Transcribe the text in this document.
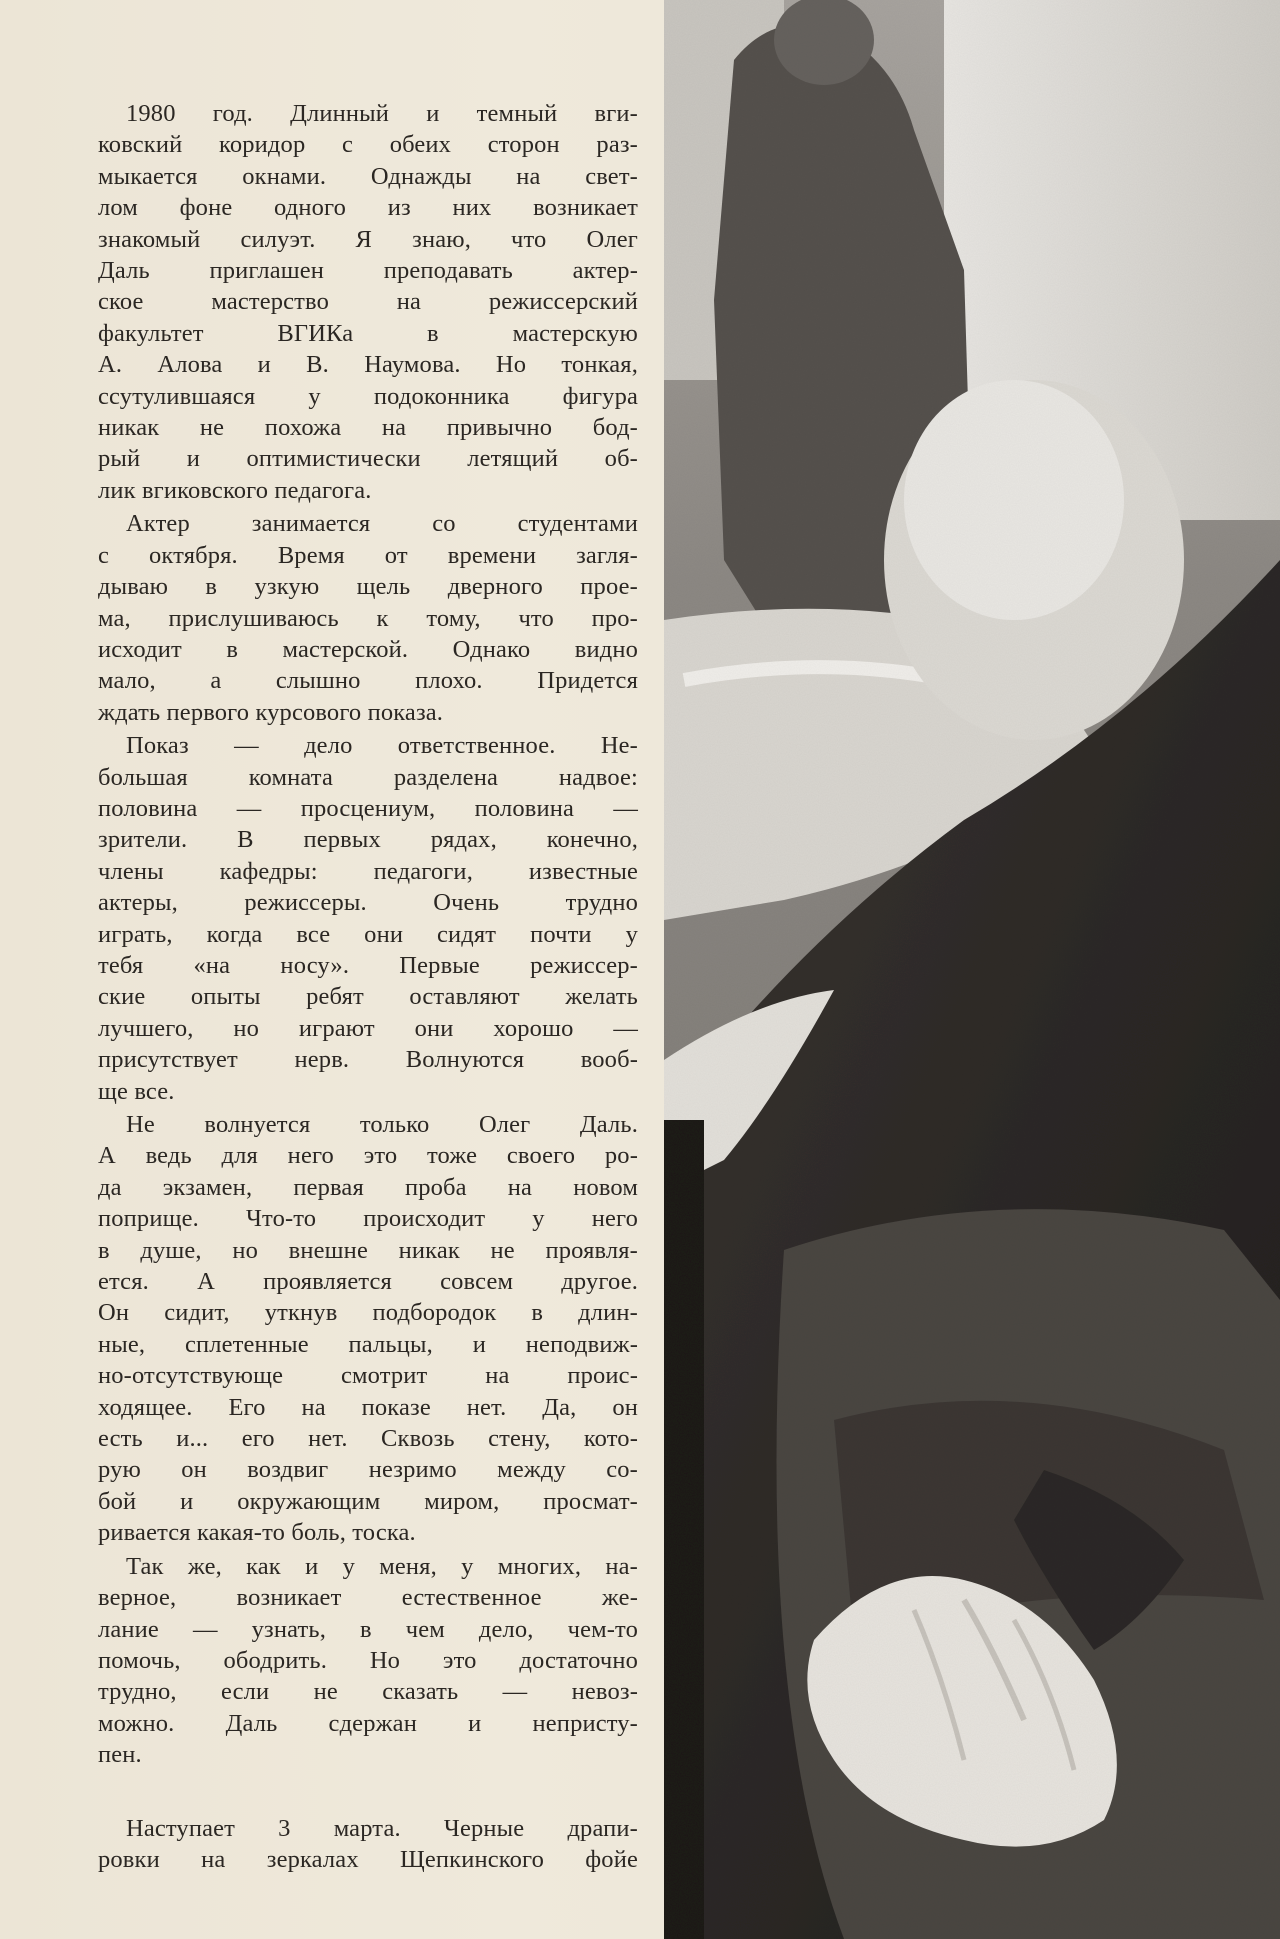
1980 год. Длинный и темный вги-
ковский коридор с обеих сторон раз-
мыкается окнами. Однажды на свет-
лом фоне одного из них возникает
знакомый силуэт. Я знаю, что Олег
Даль приглашен преподавать актер-
ское мастерство на режиссерский
факультет ВГИКа в мастерскую
А. Алова и В. Наумова. Но тонкая,
ссутулившаяся у подоконника фигура
никак не похожа на привычно бод-
рый и оптимистически летящий об-
лик вгиковского педагога.
Актер занимается со студентами
с октября. Время от времени загля-
дываю в узкую щель дверного прое-
ма, прислушиваюсь к тому, что про-
исходит в мастерской. Однако видно
мало, а слышно плохо. Придется
ждать первого курсового показа.
Показ — дело ответственное. Не-
большая комната разделена надвое:
половина — просцениум, половина —
зрители. В первых рядах, конечно,
члены кафедры: педагоги, известные
актеры, режиссеры. Очень трудно
играть, когда все они сидят почти у
тебя «на носу». Первые режиссер-
ские опыты ребят оставляют желать
лучшего, но играют они хорошо —
присутствует нерв. Волнуются вооб-
ще все.
Не волнуется только Олег Даль.
А ведь для него это тоже своего ро-
да экзамен, первая проба на новом
поприще. Что-то происходит у него
в душе, но внешне никак не проявля-
ется. А проявляется совсем другое.
Он сидит, уткнув подбородок в длин-
ные, сплетенные пальцы, и неподвиж-
но-отсутствующе смотрит на проис-
ходящее. Его на показе нет. Да, он
есть и... его нет. Сквозь стену, кото-
рую он воздвиг незримо между со-
бой и окружающим миром, просмат-
ривается какая-то боль, тоска.
Так же, как и у меня, у многих, на-
верное, возникает естественное же-
лание — узнать, в чем дело, чем-то
помочь, ободрить. Но это достаточно
трудно, если не сказать — невоз-
можно. Даль сдержан и непристу-
пен.
Наступает 3 марта. Черные драпи-
ровки на зеркалах Щепкинского фойе
